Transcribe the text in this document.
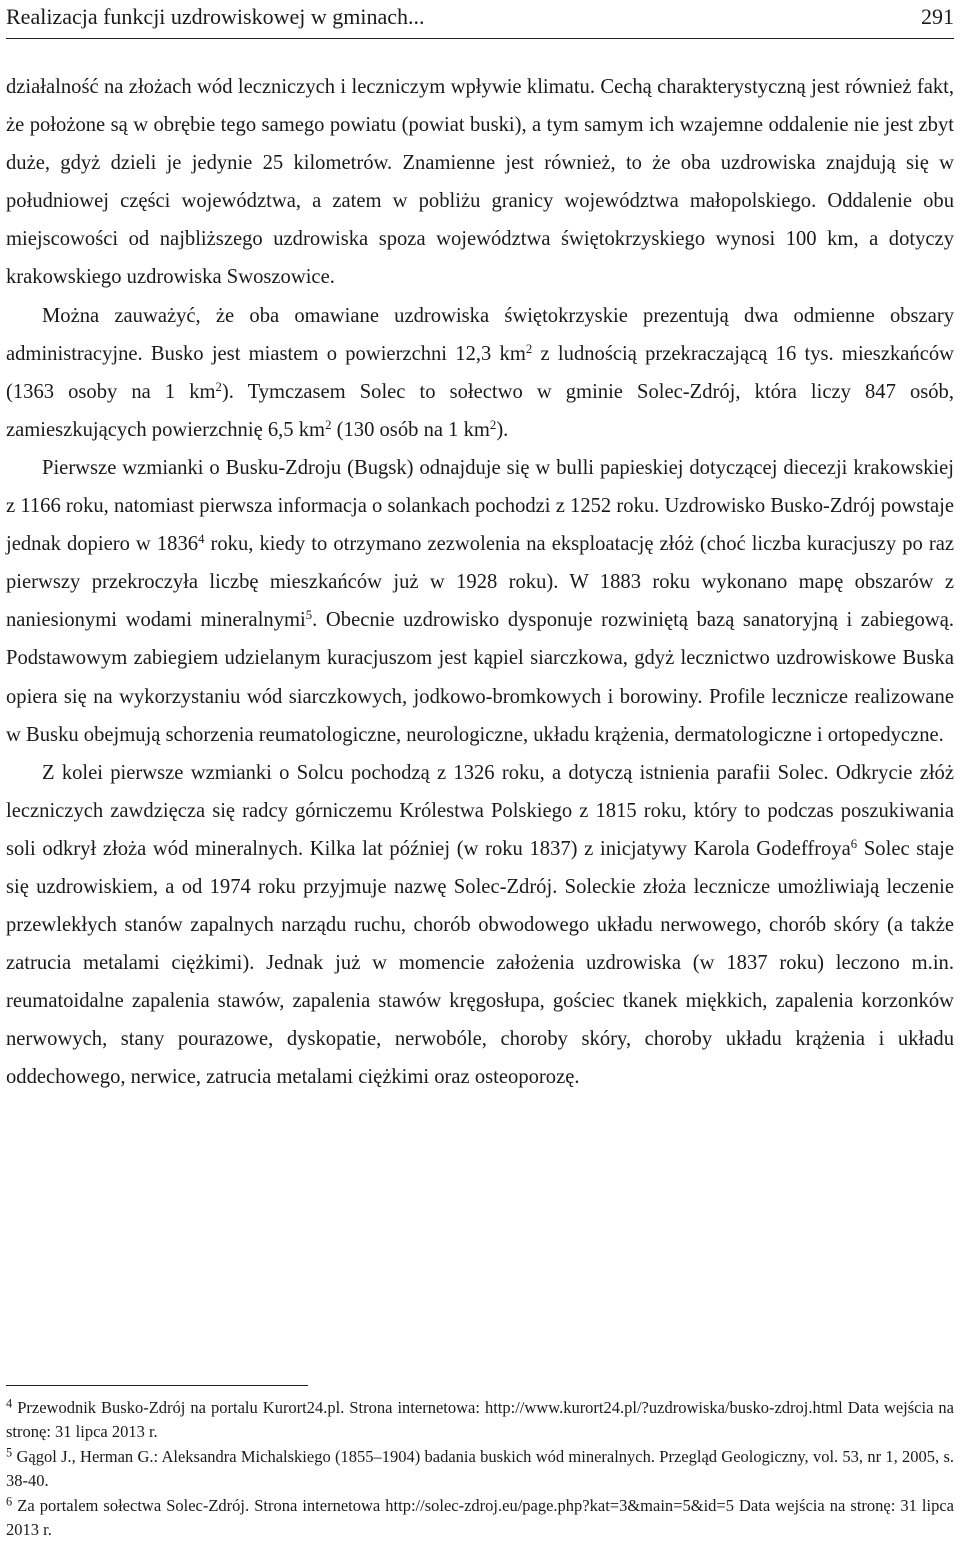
Realizacja funkcji uzdrowiskowej w gminach...	291

działalność na złożach wód leczniczych i leczniczym wpływie klimatu. Cechą charakterystyczną jest również fakt, że położone są w obrębie tego samego powiatu (powiat buski), a tym samym ich wzajemne oddalenie nie jest zbyt duże, gdyż dzieli je jedynie 25 kilometrów. Znamienne jest również, to że oba uzdrowiska znajdują się w południowej części województwa, a zatem w pobliżu granicy województwa małopolskiego. Oddalenie obu miejscowości od najbliższego uzdrowiska spoza województwa świętokrzyskiego wynosi 100 km, a dotyczy krakowskiego uzdrowiska Swoszowice.

Można zauważyć, że oba omawiane uzdrowiska świętokrzyskie prezentują dwa odmienne obszary administracyjne. Busko jest miastem o powierzchni 12,3 $km^2$ z ludnością przekraczającą 16 tys. mieszkańców (1363 osoby na 1 $km^2$). Tymczasem Solec to sołectwo w gminie Solec-Zdrój, która liczy 847 osób, zamieszkujących powierzchnię 6,5 $km^2$ (130 osób na 1 $km^2$).

Pierwsze wzmianki o Busku-Zdroju (Bugsk) odnajduje się w bulli papieskiej dotyczącej diecezji krakowskiej z 1166 roku, natomiast pierwsza informacja o solankach pochodzi z 1252 roku. Uzdrowisko Busko-Zdrój powstaje jednak dopiero w 1836$^4$ roku, kiedy to otrzymano zezwolenia na eksploatację złóż (choć liczba kuracjuszy po raz pierwszy przekroczyła liczbę mieszkańców już w 1928 roku). W 1883 roku wykonano mapę obszarów z naniesionymi wodami mineralnymi$^5$. Obecnie uzdrowisko dysponuje rozwiniętą bazą sanatoryjną i zabiegową. Podstawowym zabiegiem udzielanym kuracjuszom jest kąpiel siarczkowa, gdyż lecznictwo uzdrowiskowe Buska opiera się na wykorzystaniu wód siarczkowych, jodkowo-bromkowych i borowiny. Profile lecznicze realizowane w Busku obejmują schorzenia reumatologiczne, neurologiczne, układu krążenia, dermatologiczne i ortopedyczne.

Z kolei pierwsze wzmianki o Solcu pochodzą z 1326 roku, a dotyczą istnienia parafii Solec. Odkrycie złóż leczniczych zawdzięcza się radcy górniczemu Królestwa Polskiego z 1815 roku, który to podczas poszukiwania soli odkrył złoża wód mineralnych. Kilka lat później (w roku 1837) z inicjatywy Karola Godeffroya$^6$ Solec staje się uzdrowiskiem, a od 1974 roku przyjmuje nazwę Solec-Zdrój. Soleckie złoża lecznicze umożliwiają leczenie przewlekłych stanów zapalnych narządu ruchu, chorób obwodowego układu nerwowego, chorób skóry (a także zatrucia metalami ciężkimi). Jednak już w momencie założenia uzdrowiska (w 1837 roku) leczono m.in. reumatoidalne zapalenia stawów, zapalenia stawów kręgosłupa, gościec tkanek miękkich, zapalenia korzonków nerwowych, stany pourazowe, dyskopatie, nerwobóle, choroby skóry, choroby układu krążenia i układu oddechowego, nerwice, zatrucia metalami ciężkimi oraz osteoporozę.

$^4$ Przewodnik Busko-Zdrój na portalu Kurort24.pl. Strona internetowa: http://www.kurort24.pl/?uzdrowiska/busko-zdroj.html Data wejścia na stronę: 31 lipca 2013 r.

$^5$ Gągol J., Herman G.: Aleksandra Michalskiego (1855–1904) badania buskich wód mineralnych. Przegląd Geologiczny, vol. 53, nr 1, 2005, s. 38-40.

$^6$ Za portalem sołectwa Solec-Zdrój. Strona internetowa http://solec-zdroj.eu/page.php?kat=3&main=5&id=5 Data wejścia na stronę: 31 lipca 2013 r.
